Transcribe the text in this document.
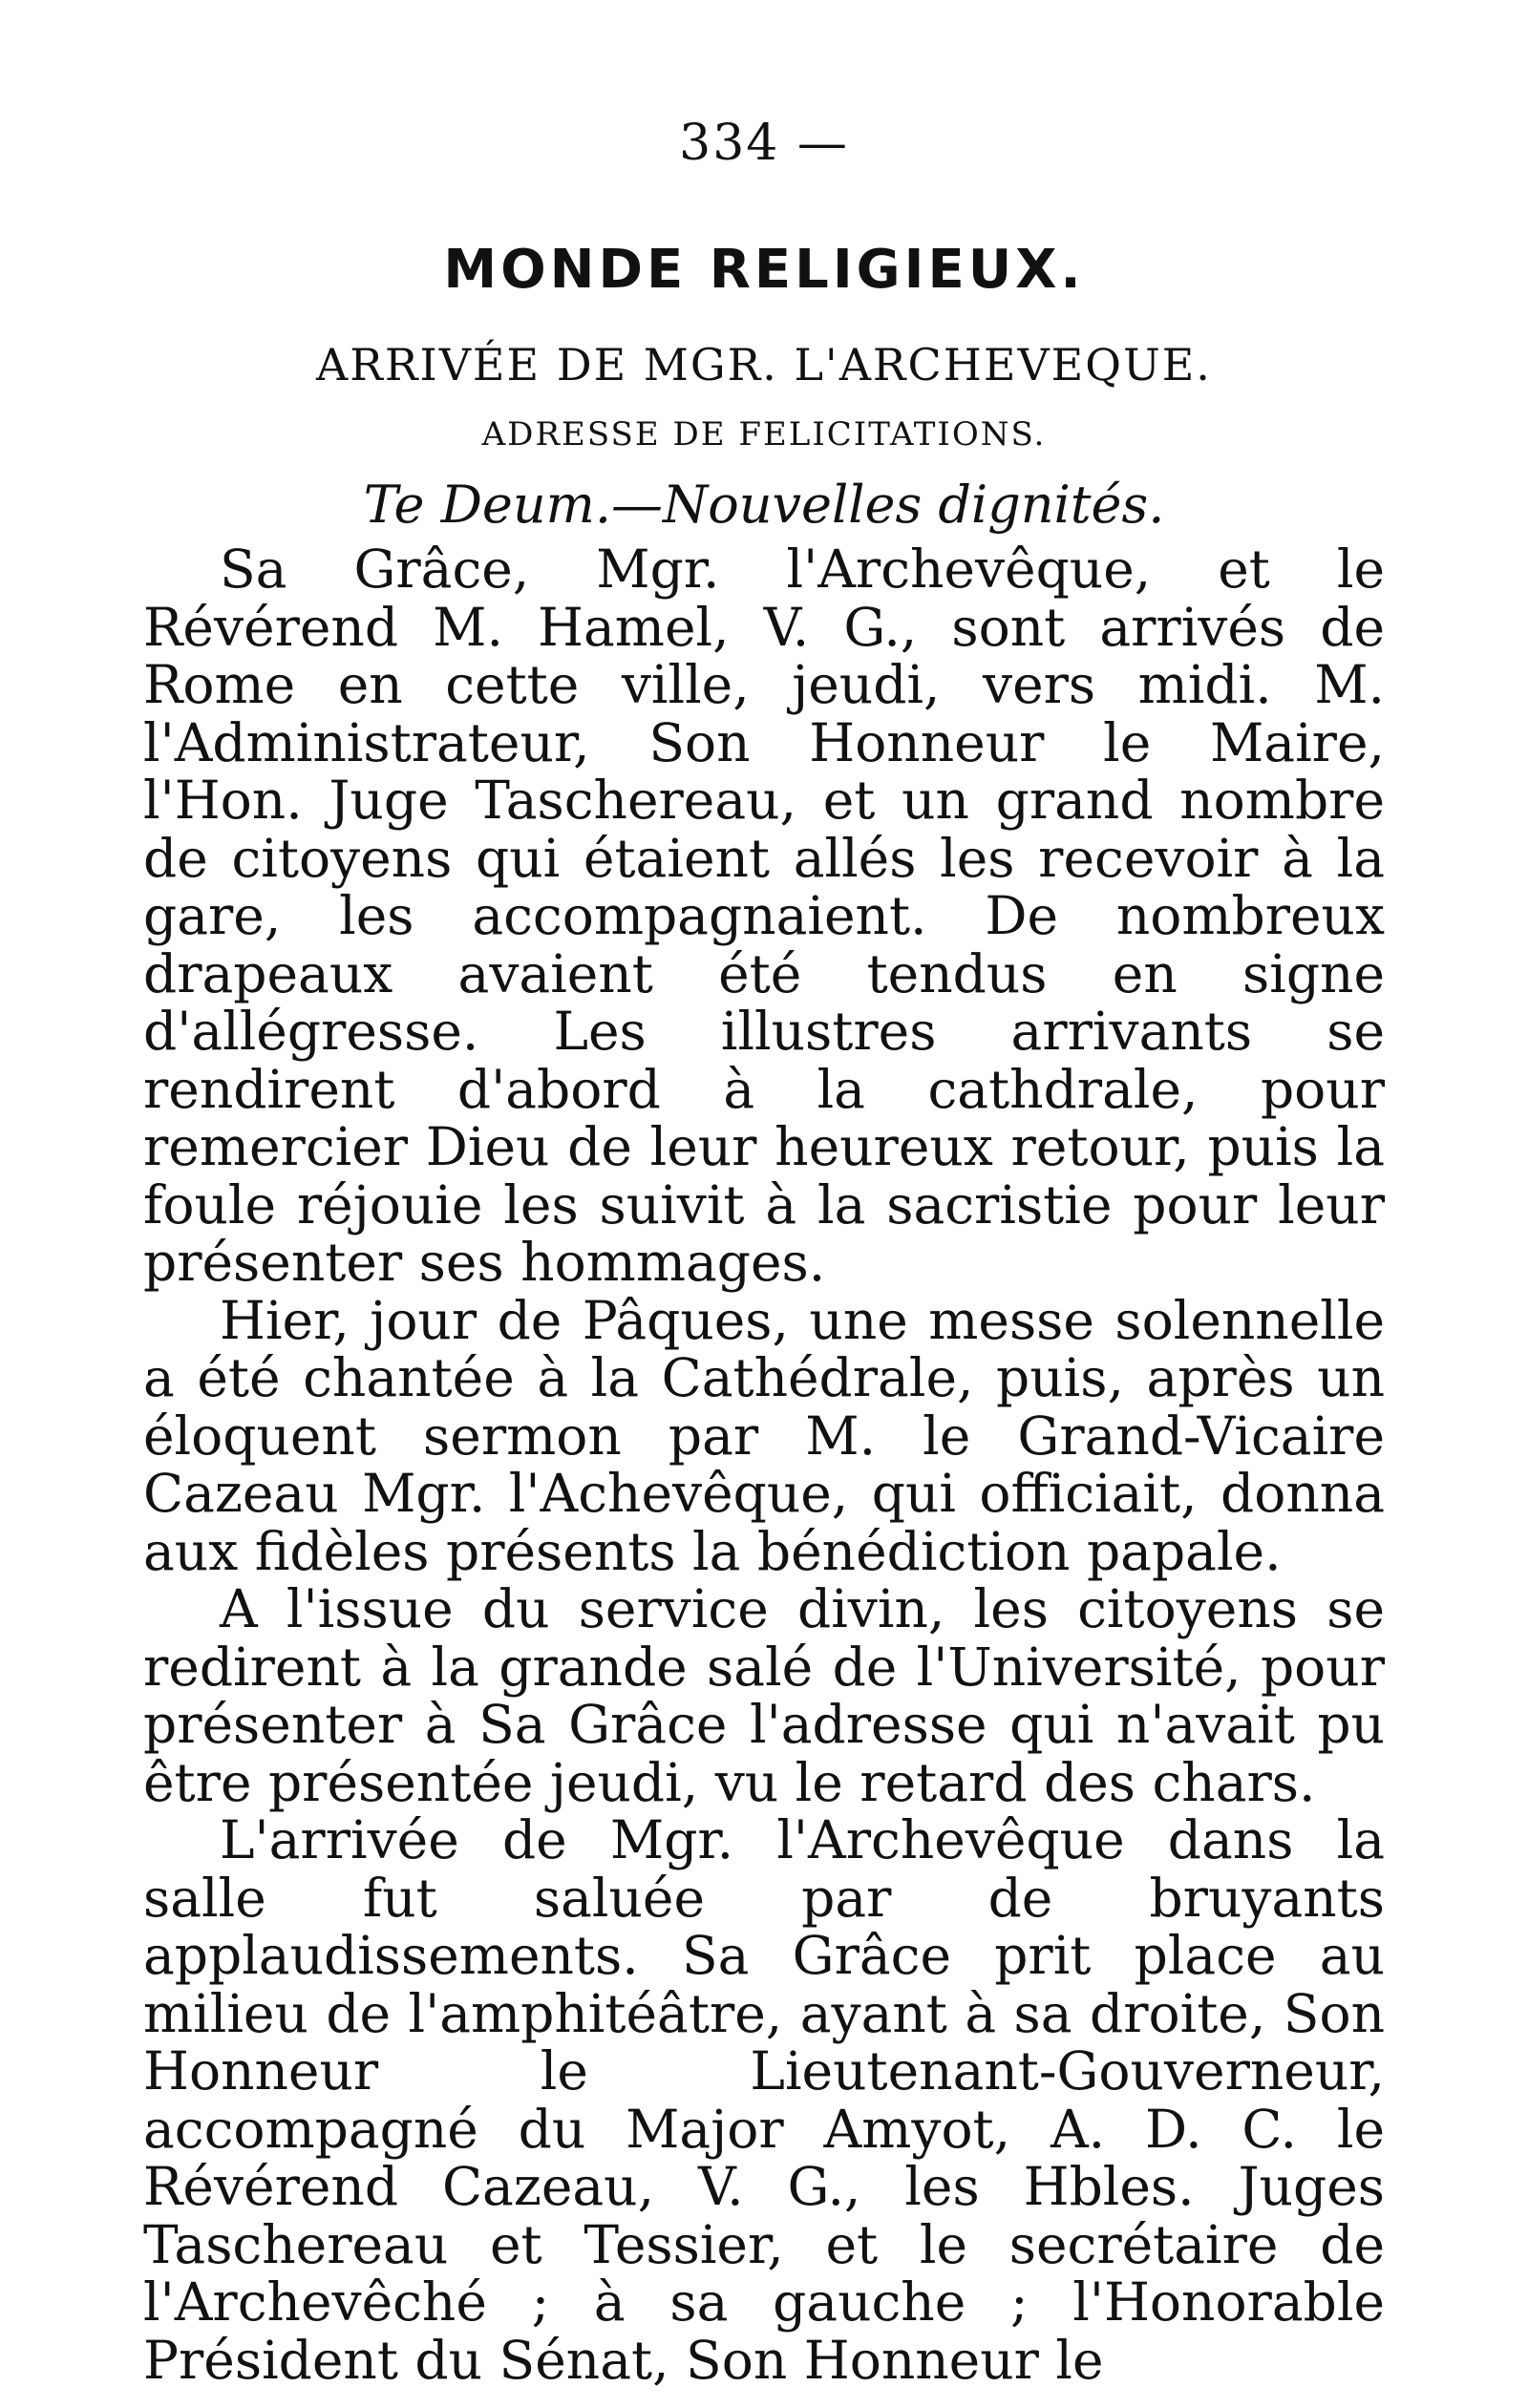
334 —
MONDE RELIGIEUX.
ARRIVÉE DE MGR. L'ARCHEVEQUE.
ADRESSE DE FELICITATIONS.
Te Deum.—Nouvelles dignités.

Sa Grâce, Mgr. l'Archevêque, et le Révérend M. Hamel, V. G., sont arrivés de Rome en cette ville, jeudi, vers midi. M. l'Administrateur, Son Honneur le Maire, l'Hon. Juge Taschereau, et un grand nombre de citoyens qui étaient allés les recevoir à la gare, les accompagnaient. De nombreux drapeaux avaient été tendus en signe d'allégresse. Les illustres arrivants se rendirent d'abord à la cathdrale, pour remercier Dieu de leur heureux retour, puis la foule réjouie les suivit à la sacristie pour leur présenter ses hommages.

Hier, jour de Pâques, une messe solennelle a été chantée à la Cathédrale, puis, après un éloquent sermon par M. le Grand-Vicaire Cazeau Mgr. l'Achevêque, qui officiait, donna aux fidèles présents la bénédiction papale.

A l'issue du service divin, les citoyens se redirent à la grande salé de l'Université, pour présenter à Sa Grâce l'adresse qui n'avait pu être présentée jeudi, vu le retard des chars.

L'arrivée de Mgr. l'Archevêque dans la salle fut saluée par de bruyants applaudissements. Sa Grâce prit place au milieu de l'amphitéâtre, ayant à sa droite, Son Honneur le Lieutenant-Gouverneur, accompagné du Major Amyot, A. D. C. le Révérend Cazeau, V. G., les Hbles. Juges Taschereau et Tessier, et le secrétaire de l'Archevêché ; à sa gauche ; l'Honorable Président du Sénat, Son Honneur le
